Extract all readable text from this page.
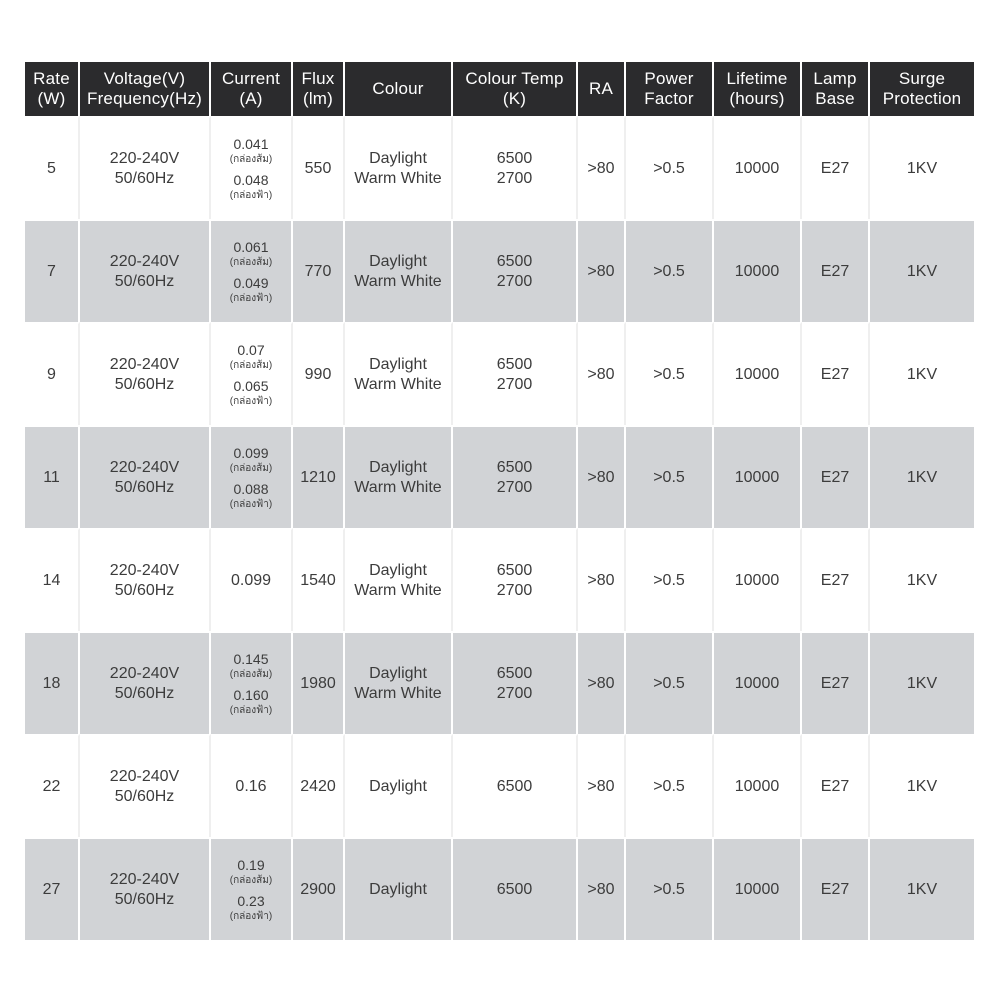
Rate
(W)	Voltage(V)
Frequency(Hz)	Current
(A)	Flux
(lm)	Colour	Colour Temp
(K)	RA	Power
Factor	Lifetime
(hours)	Lamp
Base	Surge
Protection

5	220-240V
50/60Hz	0.041
(กล่องส้ม)
0.048
(กล่องฟ้า)	550	Daylight
Warm White	6500
2700	>80	>0.5	10000	E27	1KV

7	220-240V
50/60Hz	0.061
(กล่องส้ม)
0.049
(กล่องฟ้า)	770	Daylight
Warm White	6500
2700	>80	>0.5	10000	E27	1KV

9	220-240V
50/60Hz	0.07
(กล่องส้ม)
0.065
(กล่องฟ้า)	990	Daylight
Warm White	6500
2700	>80	>0.5	10000	E27	1KV

11	220-240V
50/60Hz	0.099
(กล่องส้ม)
0.088
(กล่องฟ้า)	1210	Daylight
Warm White	6500
2700	>80	>0.5	10000	E27	1KV

14	220-240V
50/60Hz	0.099	1540	Daylight
Warm White	6500
2700	>80	>0.5	10000	E27	1KV

18	220-240V
50/60Hz	0.145
(กล่องส้ม)
0.160
(กล่องฟ้า)	1980	Daylight
Warm White	6500
2700	>80	>0.5	10000	E27	1KV

22	220-240V
50/60Hz	0.16	2420	Daylight	6500	>80	>0.5	10000	E27	1KV

27	220-240V
50/60Hz	0.19
(กล่องส้ม)
0.23
(กล่องฟ้า)	2900	Daylight	6500	>80	>0.5	10000	E27	1KV
